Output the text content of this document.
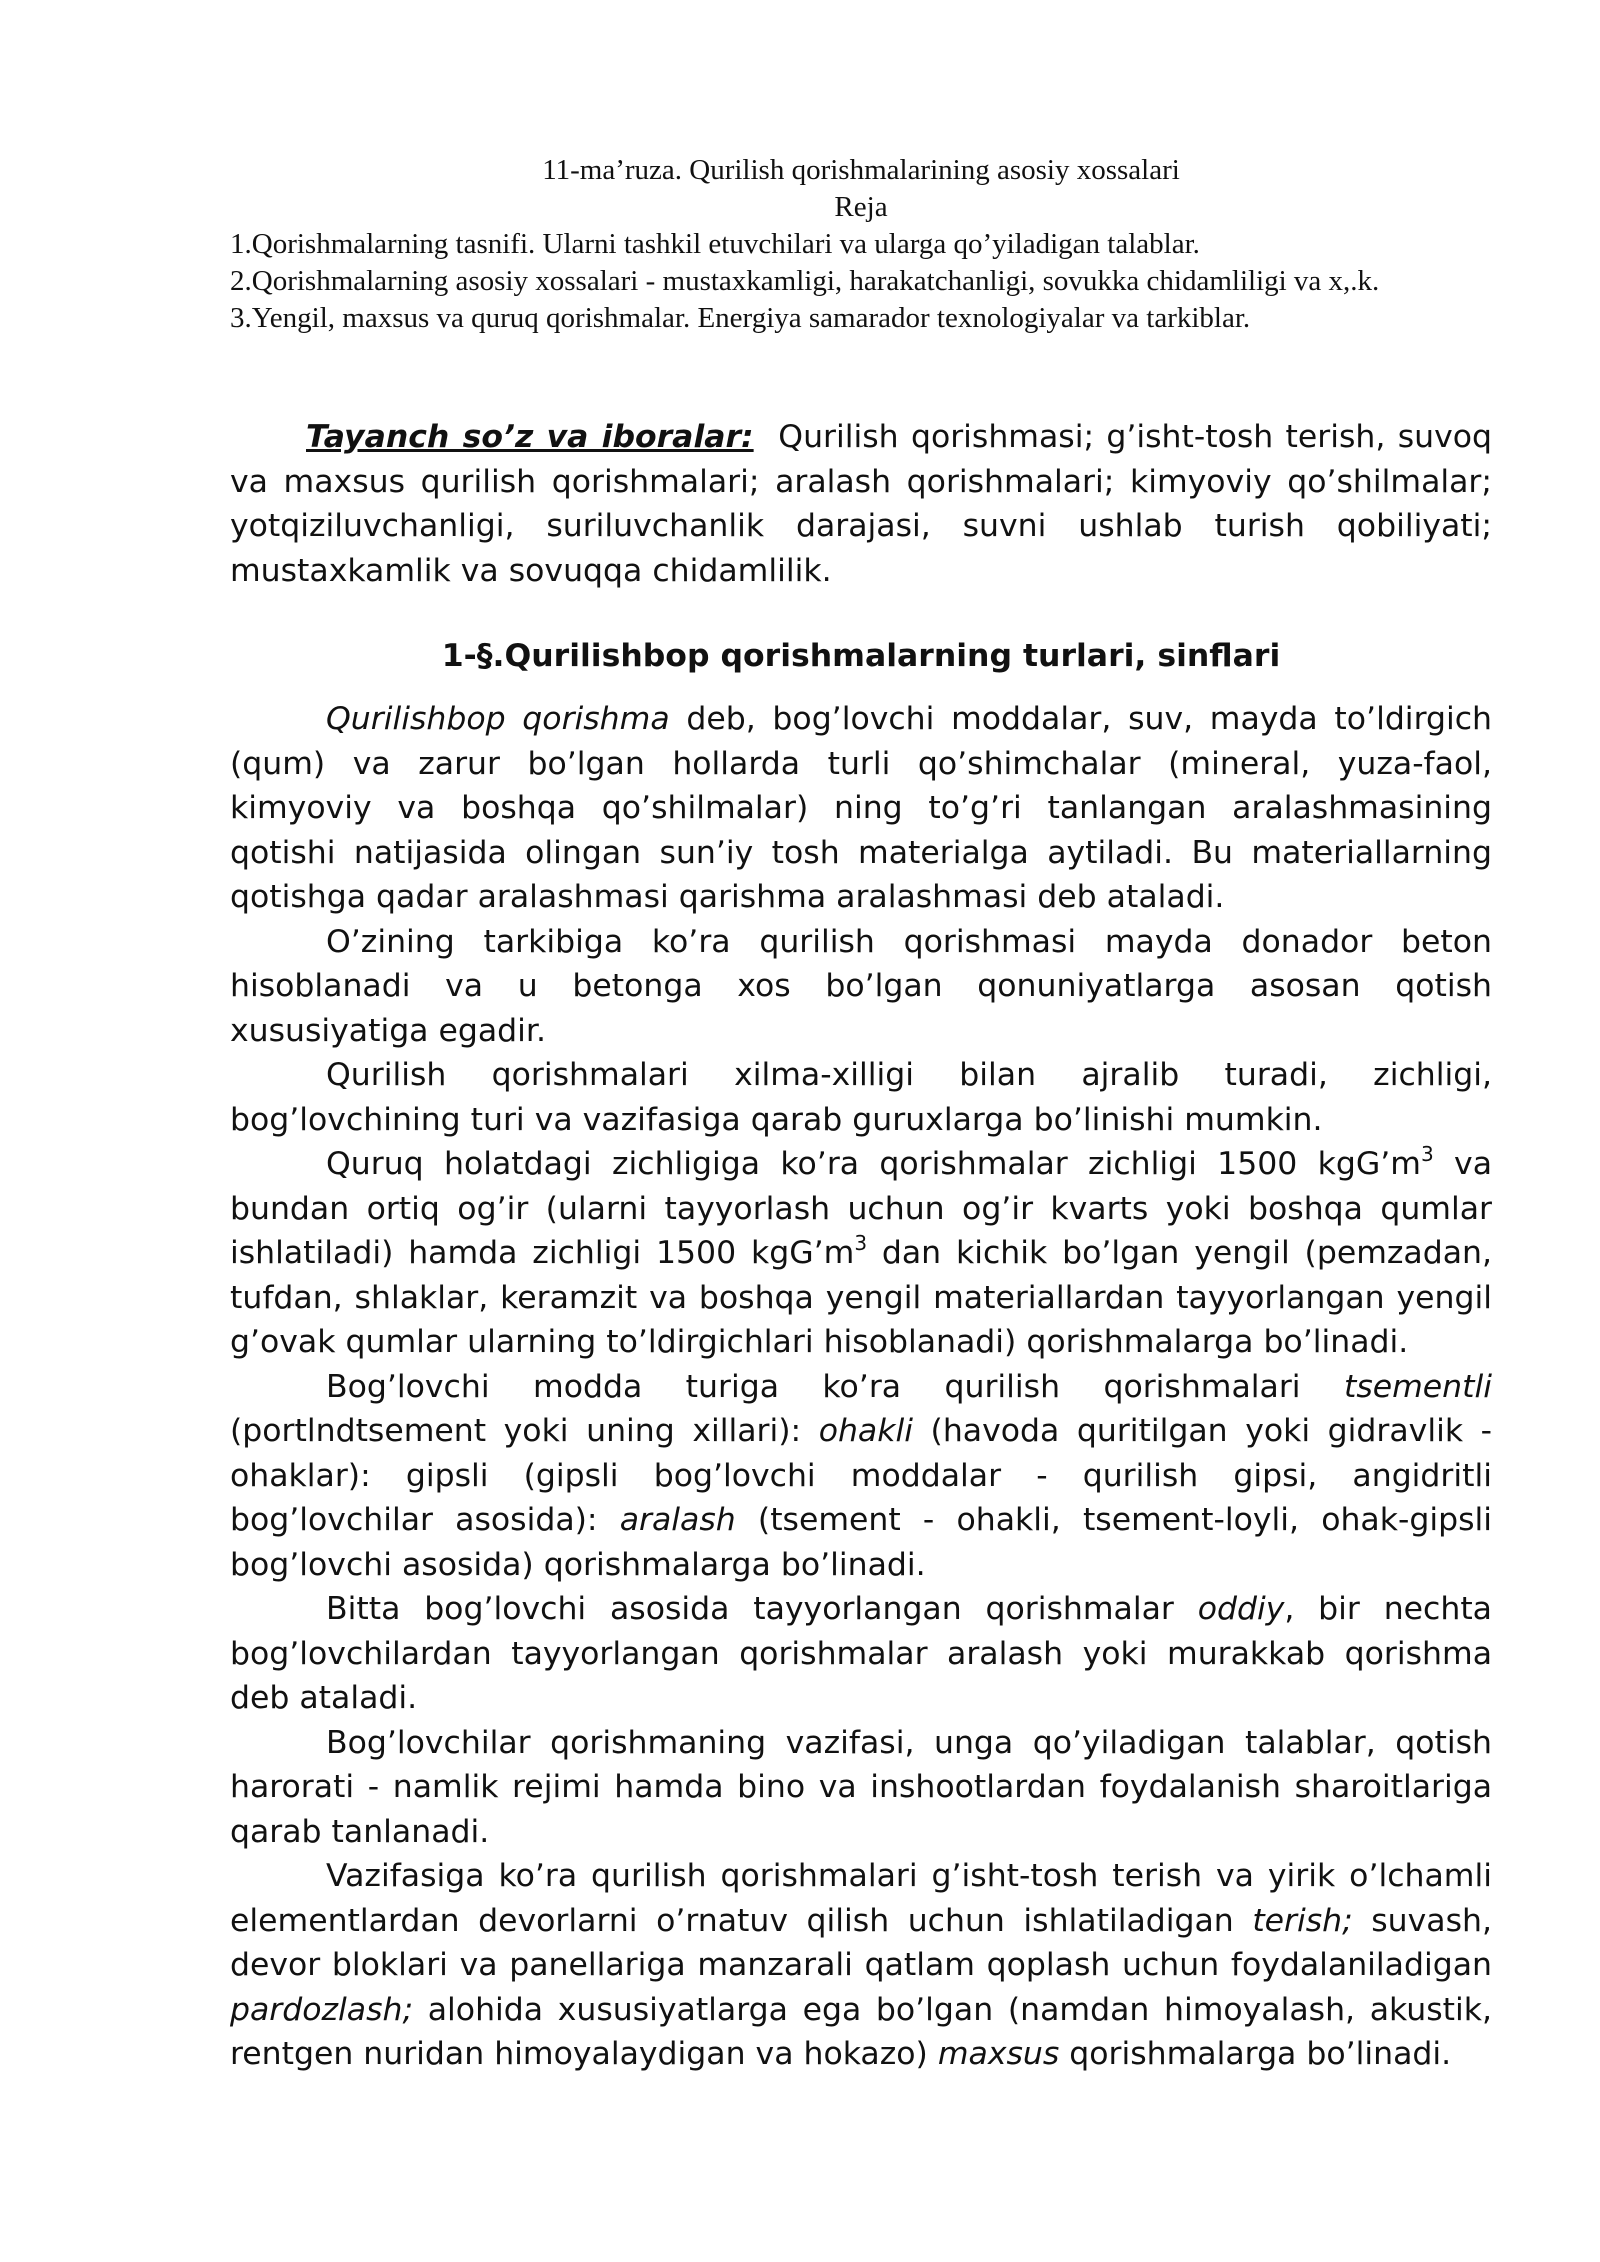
11-ma’ruza. Qurilish qorishmalarining asosiy xossalari
Reja
1.Qorishmalarning tasnifi. Ularni tashkil etuvchilari va ularga qo’yiladigan talablar.
2.Qorishmalarning asosiy xossalari - mustaxkamligi, harakatchanligi, sovukka chidamliligi va x,.k.
3.Yengil, maxsus va quruq qorishmalar. Energiya samarador texnologiyalar va tarkiblar.
Tayanch so’z va iboralar: Qurilish qorishmasi; g’isht-tosh terish, suvoq va maxsus qurilish qorishmalari; aralash qorishmalari; kimyoviy qo’shilmalar; yotqiziluvchanligi, suriluvchanlik darajasi, suvni ushlab turish qobiliyati; mustaxkamlik va sovuqqa chidamlilik.
1-§.Qurilishbop qorishmalarning turlari, sinflari

Qurilishbop qorishma deb, bog’lovchi moddalar, suv, mayda to’ldirgich (qum) va zarur bo’lgan hollarda turli qo’shimchalar (mineral, yuza-faol, kimyoviy va boshqa qo’shilmalar) ning to’g’ri tanlangan aralashmasining qotishi natijasida olingan sun’iy tosh materialga aytiladi. Bu materiallarning qotishga qadar aralashmasi qarishma aralashmasi deb ataladi.

O’zining tarkibiga ko’ra qurilish qorishmasi mayda donador beton hisoblanadi va u betonga xos bo’lgan qonuniyatlarga asosan qotish xususiyatiga egadir.

Qurilish qorishmalari xilma-xilligi bilan ajralib turadi, zichligi, bog’lovchining turi va vazifasiga qarab guruxlarga bo’linishi mumkin.

Quruq holatdagi zichligiga ko’ra qorishmalar zichligi 1500 $kgG’m^3$ va bundan ortiq og’ir (ularni tayyorlash uchun og’ir kvarts yoki boshqa qumlar ishlatiladi) hamda zichligi 1500 $kgG’m^3$ dan kichik bo’lgan yengil (pemzadan, tufdan, shlaklar, keramzit va boshqa yengil materiallardan tayyorlangan yengil g’ovak qumlar ularning to’ldirgichlari hisoblanadi) qorishmalarga bo’linadi.

Bog’lovchi modda turiga ko’ra qurilish qorishmalari tsementli (portlndtsement yoki uning xillari): ohakli (havoda quritilgan yoki gidravlik - ohaklar): gipsli (gipsli bog’lovchi moddalar - qurilish gipsi, angidritli bog’lovchilar asosida): aralash (tsement - ohakli, tsement-loyli, ohak-gipsli bog’lovchi asosida) qorishmalarga bo’linadi.

Bitta bog’lovchi asosida tayyorlangan qorishmalar oddiy, bir nechta bog’lovchilardan tayyorlangan qorishmalar aralash yoki murakkab qorishma deb ataladi.

Bog’lovchilar qorishmaning vazifasi, unga qo’yiladigan talablar, qotish harorati - namlik rejimi hamda bino va inshootlardan foydalanish sharoitlariga qarab tanlanadi.

Vazifasiga ko’ra qurilish qorishmalari g’isht-tosh terish va yirik o’lchamli elementlardan devorlarni o’rnatuv qilish uchun ishlatiladigan terish; suvash, devor bloklari va panellariga manzarali qatlam qoplash uchun foydalaniladigan pardozlash; alohida xususiyatlarga ega bo’lgan (namdan himoyalash, akustik, rentgen nuridan himoyalaydigan va hokazo) maxsus qorishmalarga bo’linadi.
